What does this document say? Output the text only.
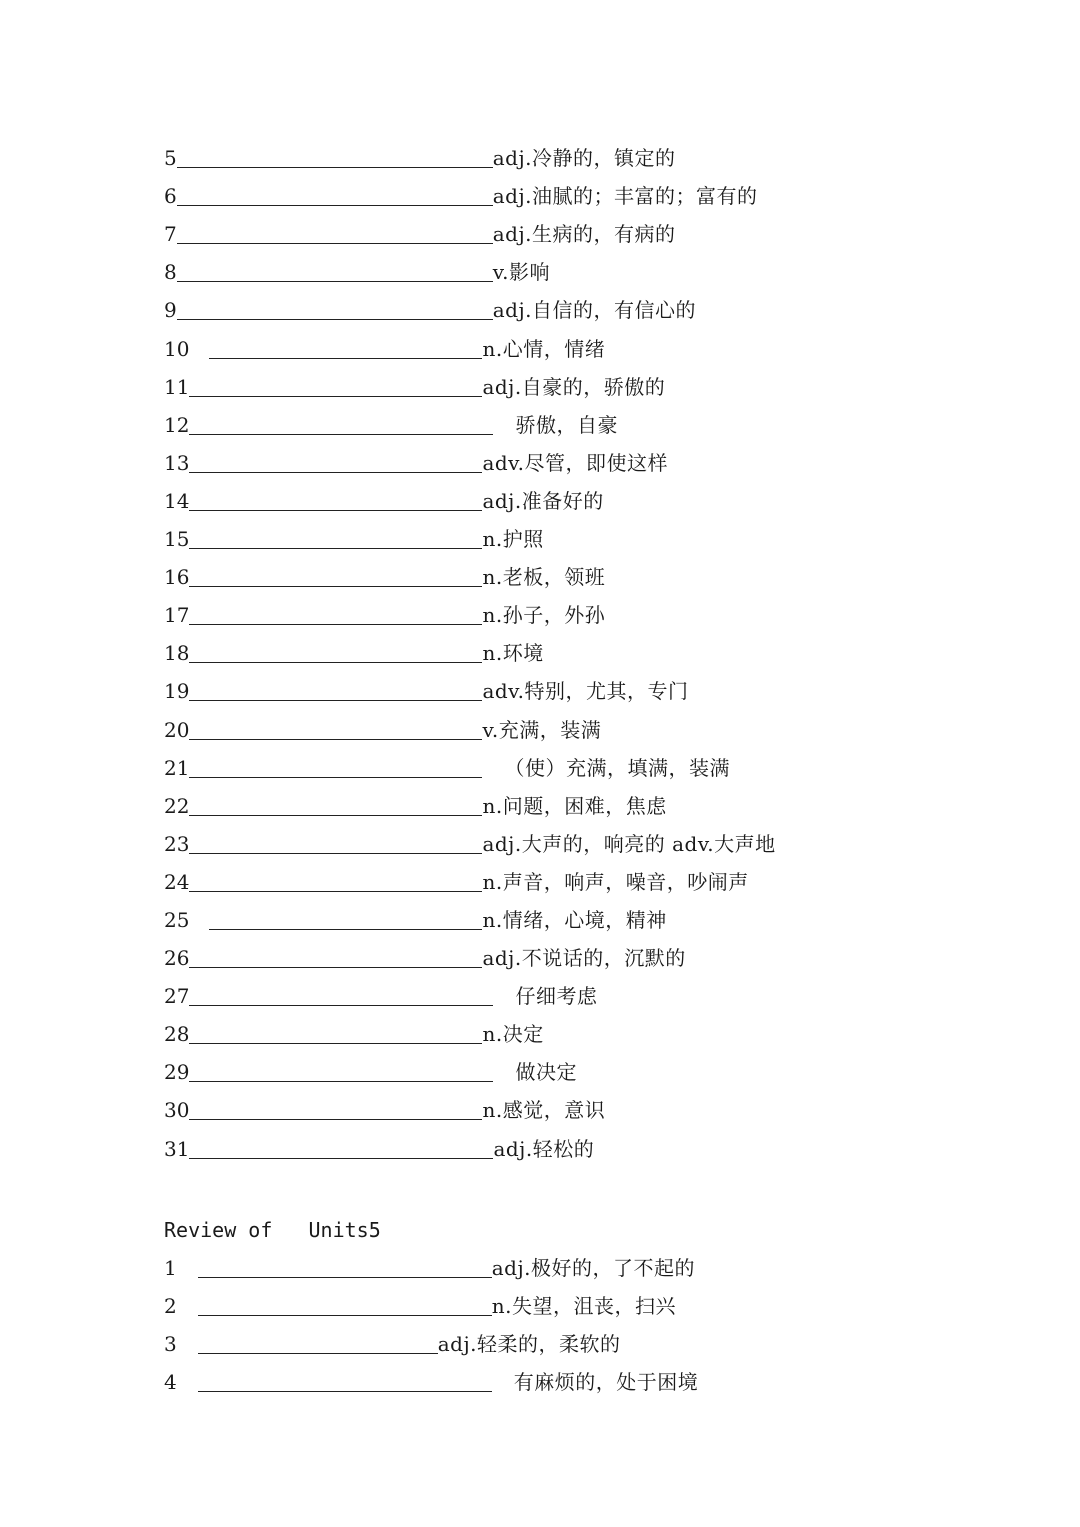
5	adj.冷静的，镇定的
6	adj.油腻的；丰富的；富有的
7	adj.生病的，有病的
8	v.影响
9	adj.自信的，有信心的
10	n.心情，情绪
11	adj.自豪的，骄傲的
12	骄傲，自豪
13	adv.尽管，即使这样
14	adj.准备好的
15	n.护照
16	n.老板，领班
17	n.孙子，外孙
18	n.环境
19	adv.特别，尤其，专门
20	v.充满，装满
21	（使）充满，填满，装满
22	n.问题，困难，焦虑
23	adj.大声的，响亮的 adv.大声地
24	n.声音，响声，噪音，吵闹声
25	n.情绪，心境，精神
26	adj.不说话的，沉默的
27	仔细考虑
28	n.决定
29	做决定
30	n.感觉，意识
31	adj.轻松的
Review of
Units5
1	adj.极好的，了不起的
2	n.失望，沮丧，扫兴
3	adj.轻柔的，柔软的
4	有麻烦的，处于困境
